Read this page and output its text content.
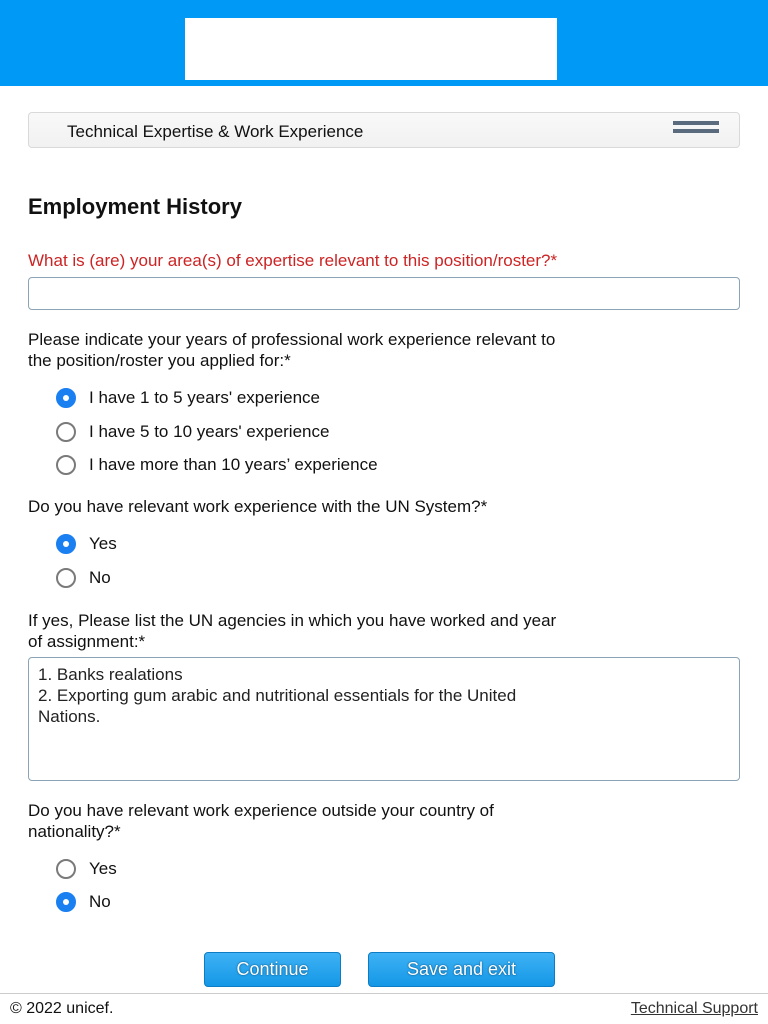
Technical Expertise & Work Experience
Employment History
What is (are) your area(s) of expertise relevant to this position/roster?*
Please indicate your years of professional work experience relevant to
the position/roster you applied for:*
I have 1 to 5 years' experience
I have 5 to 10 years' experience
I have more than 10 years’ experience
Do you have relevant work experience with the UN System?*
Yes
No
If yes, Please list the UN agencies in which you have worked and year
of assignment:*
1. Banks realations
2. Exporting gum arabic and nutritional essentials for the United
Nations.
Do you have relevant work experience outside your country of
nationality?*
Yes
No
Continue	Save and exit
© 2022 unicef.	Technical Support
